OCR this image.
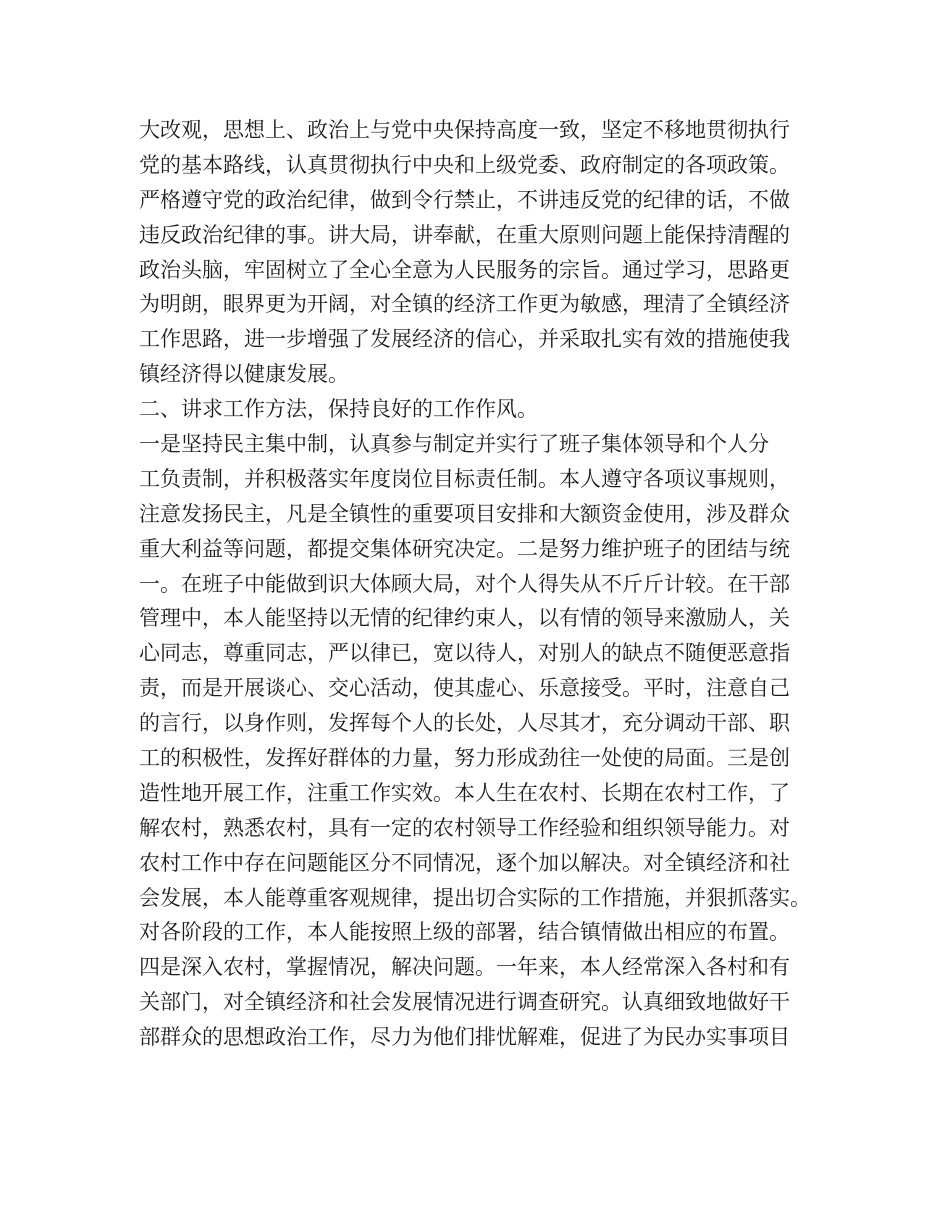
大改观，思想上、政治上与党中央保持高度一致，坚定不移地贯彻执行
党的基本路线，认真贯彻执行中央和上级党委、政府制定的各项政策。
严格遵守党的政治纪律，做到令行禁止，不讲违反党的纪律的话，不做
违反政治纪律的事。讲大局，讲奉献，在重大原则问题上能保持清醒的
政治头脑，牢固树立了全心全意为人民服务的宗旨。通过学习，思路更
为明朗，眼界更为开阔，对全镇的经济工作更为敏感，理清了全镇经济
工作思路，进一步增强了发展经济的信心，并采取扎实有效的措施使我
镇经济得以健康发展。
二、讲求工作方法，保持良好的工作作风。
一是坚持民主集中制，认真参与制定并实行了班子集体领导和个人分
工负责制，并积极落实年度岗位目标责任制。本人遵守各项议事规则，
注意发扬民主，凡是全镇性的重要项目安排和大额资金使用，涉及群众
重大利益等问题，都提交集体研究决定。二是努力维护班子的团结与统
一。在班子中能做到识大体顾大局，对个人得失从不斤斤计较。在干部
管理中，本人能坚持以无情的纪律约束人，以有情的领导来激励人，关
心同志，尊重同志，严以律已，宽以待人，对别人的缺点不随便恶意指
责，而是开展谈心、交心活动，使其虚心、乐意接受。平时，注意自己
的言行，以身作则，发挥每个人的长处，人尽其才，充分调动干部、职
工的积极性，发挥好群体的力量，努力形成劲往一处使的局面。三是创
造性地开展工作，注重工作实效。本人生在农村、长期在农村工作，了
解农村，熟悉农村，具有一定的农村领导工作经验和组织领导能力。对
农村工作中存在问题能区分不同情况，逐个加以解决。对全镇经济和社
会发展，本人能尊重客观规律，提出切合实际的工作措施，并狠抓落实。
对各阶段的工作，本人能按照上级的部署，结合镇情做出相应的布置。
四是深入农村，掌握情况，解决问题。一年来，本人经常深入各村和有
关部门，对全镇经济和社会发展情况进行调查研究。认真细致地做好干
部群众的思想政治工作，尽力为他们排忧解难，促进了为民办实事项目
